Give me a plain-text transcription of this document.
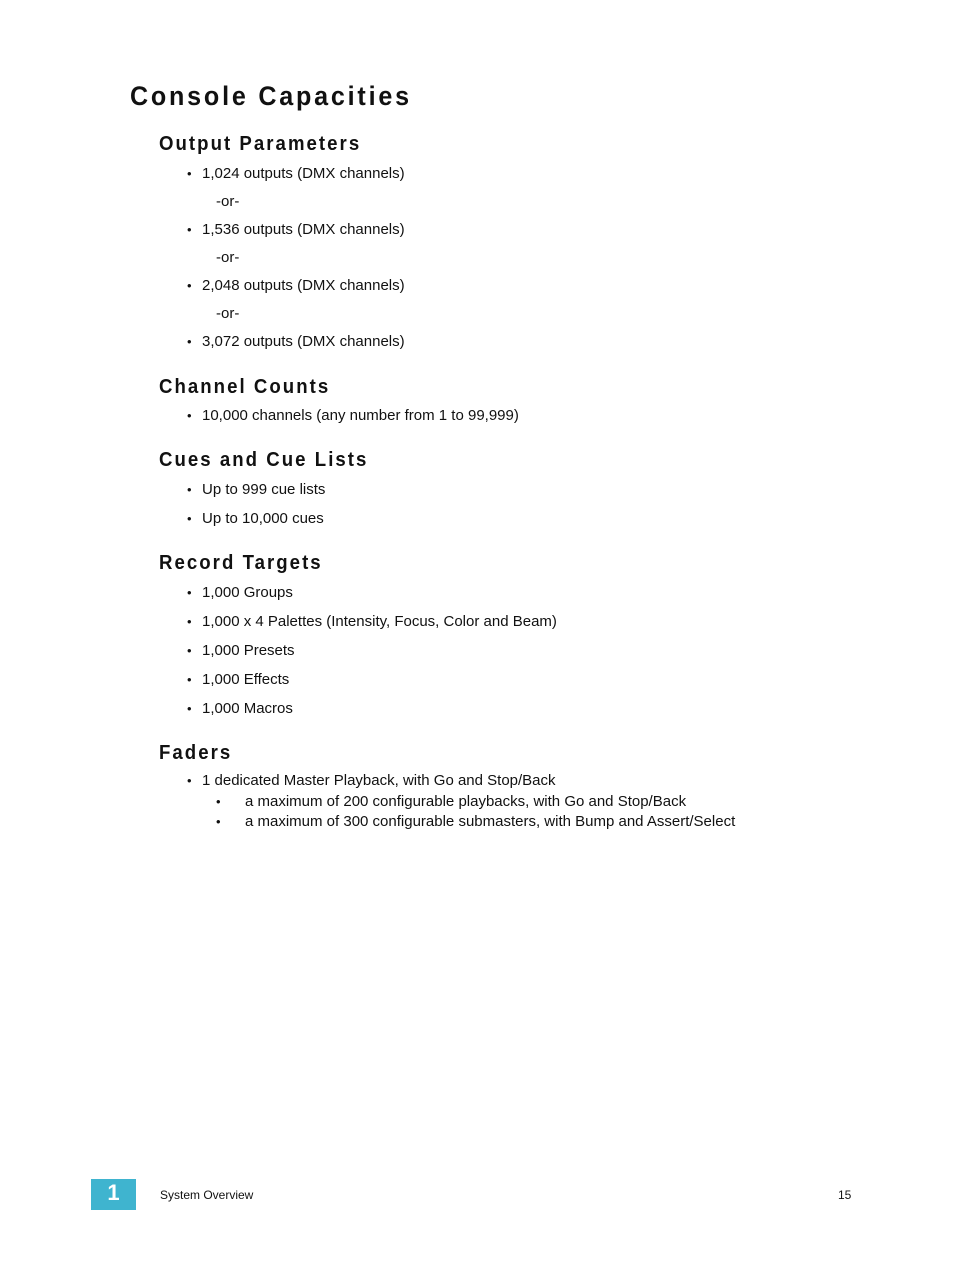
Console Capacities
Output Parameters
• 1,024 outputs (DMX channels)
-or-
• 1,536 outputs (DMX channels)
-or-
• 2,048 outputs (DMX channels)
-or-
• 3,072 outputs (DMX channels)
Channel Counts
• 10,000 channels (any number from 1 to 99,999)
Cues and Cue Lists
• Up to 999 cue lists
• Up to 10,000 cues
Record Targets
• 1,000 Groups
• 1,000 x 4 Palettes (Intensity, Focus, Color and Beam)
• 1,000 Presets
• 1,000 Effects
• 1,000 Macros
Faders
• 1 dedicated Master Playback, with Go and Stop/Back
• a maximum of 200 configurable playbacks, with Go and Stop/Back
• a maximum of 300 configurable submasters, with Bump and Assert/Select
1	System Overview	15
